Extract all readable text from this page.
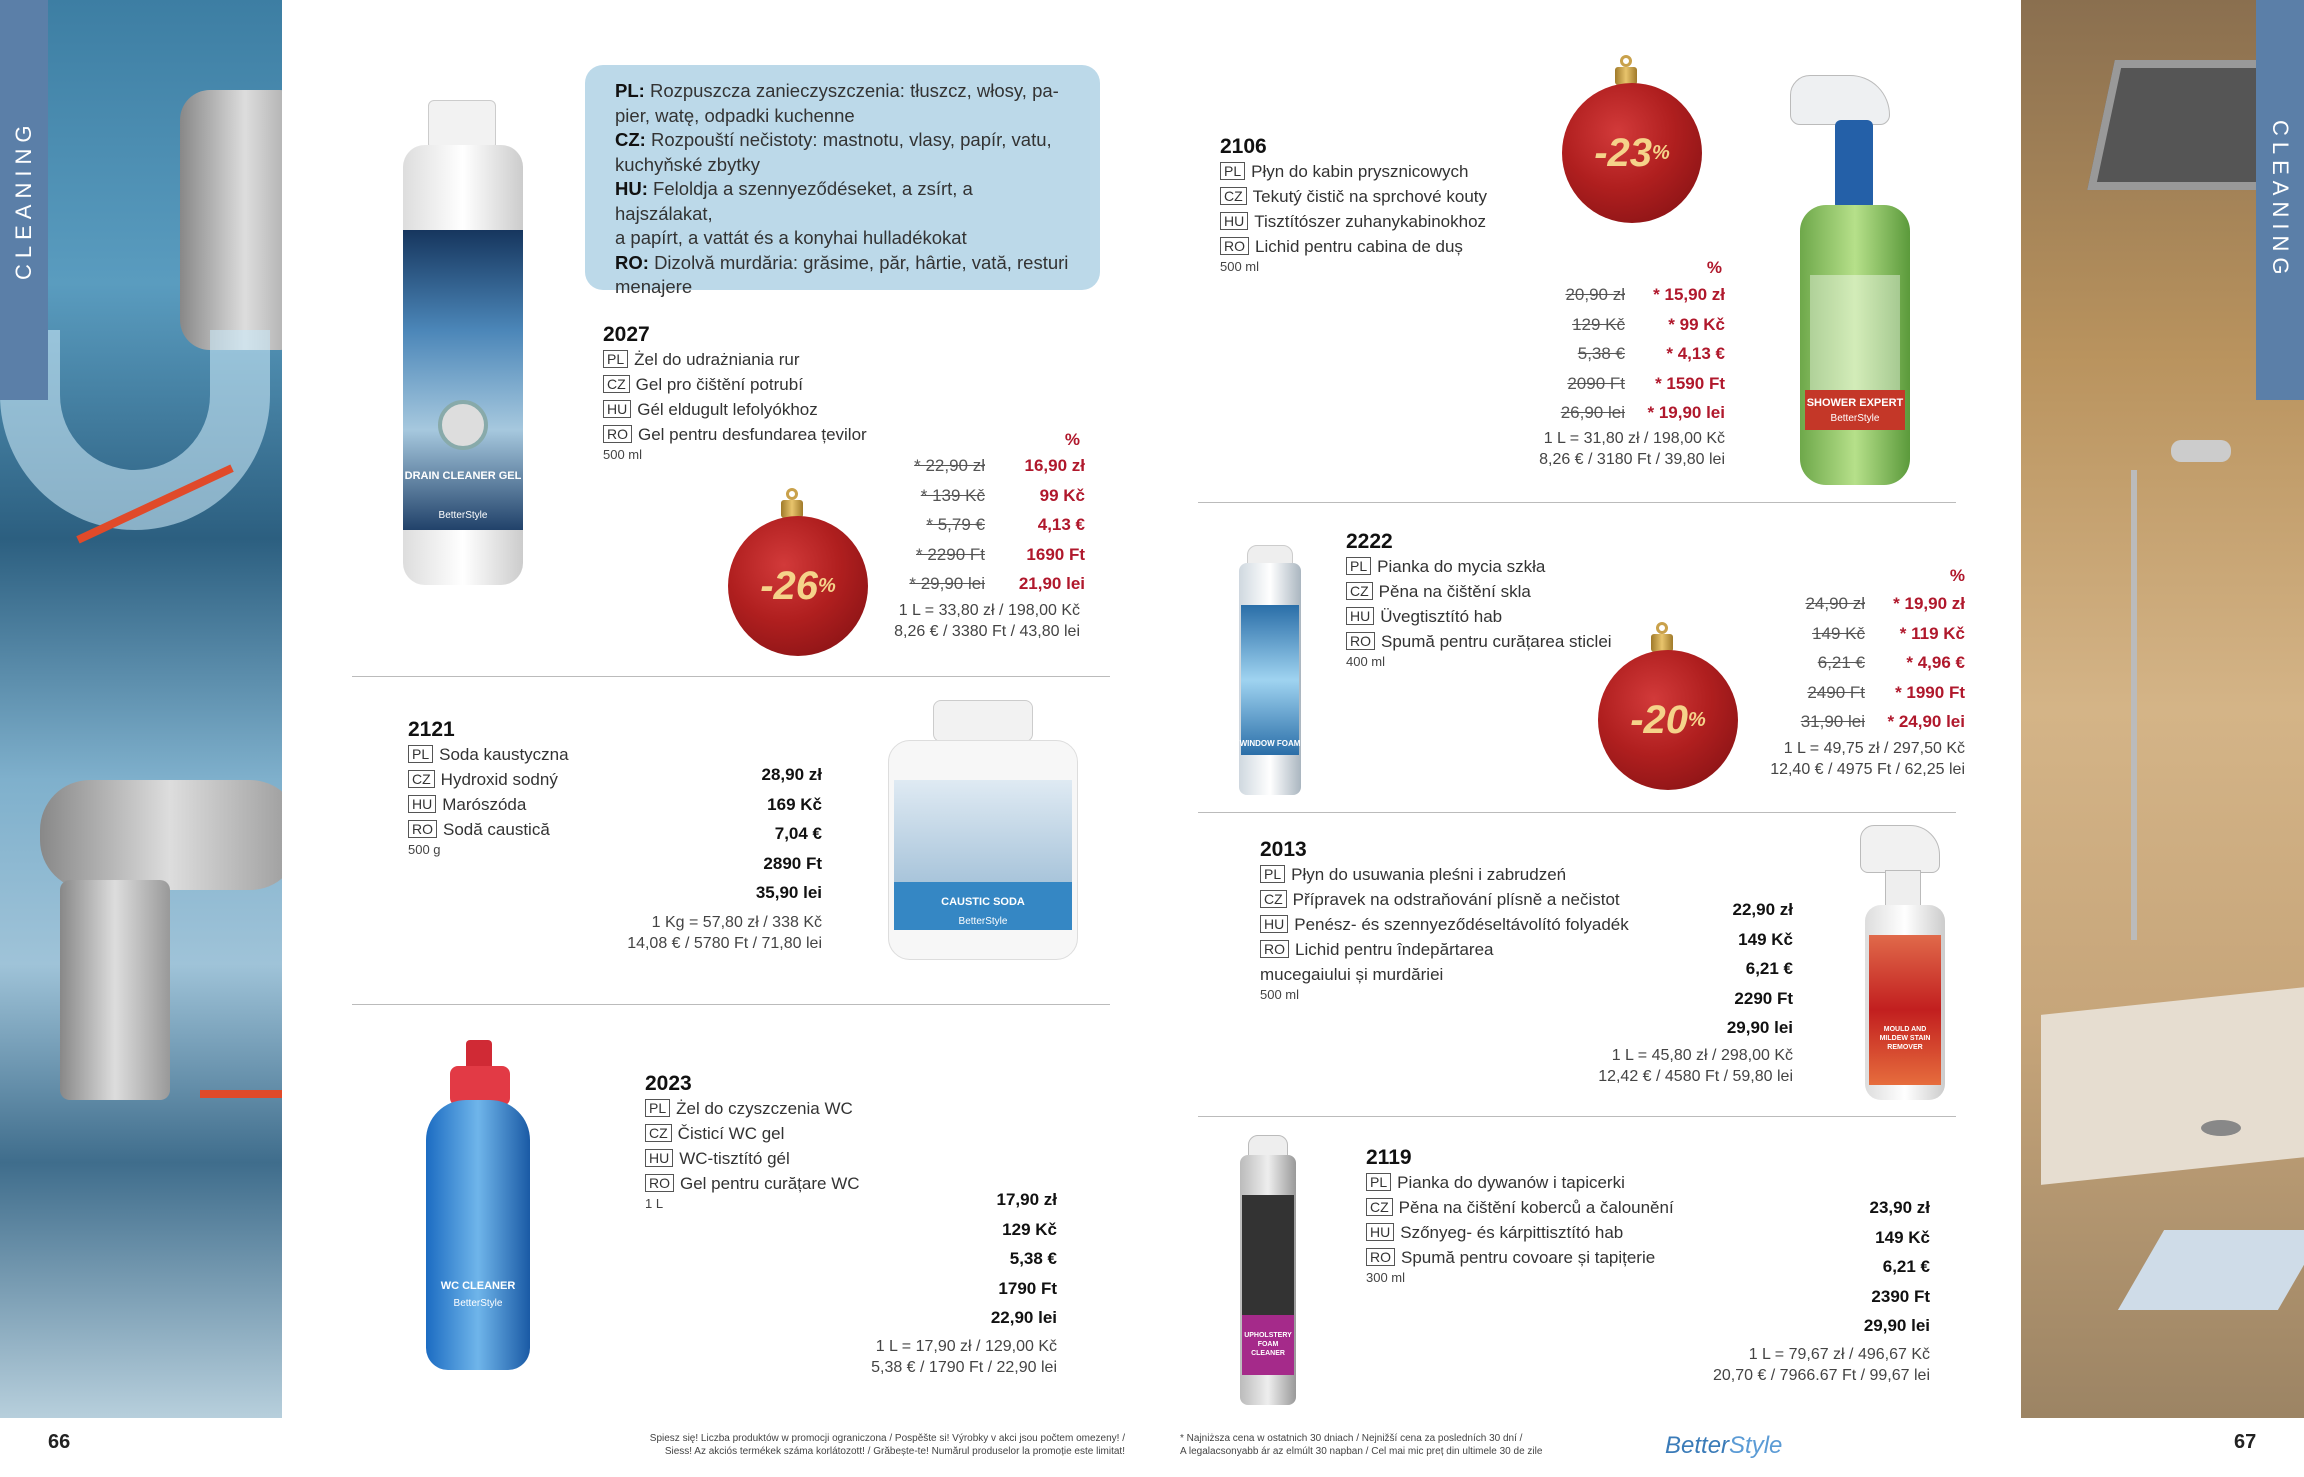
CLEANING	CLEANING
PL: Rozpuszcza zanieczyszczenia: tłuszcz, włosy, pa-
pier, watę, odpadki kuchenne
CZ: Rozpouští nečistoty: mastnotu, vlasy, papír, vatu,
kuchyňské zbytky
HU: Feloldja a szennyeződéseket, a zsírt, a hajszálakat,
a papírt, a vattát és a konyhai hulladékokat
RO: Dizolvă murdăria: grăsime, păr, hârtie, vată, resturi
menajere
DRAIN CLEANER GEL
BetterStyle
2027
PL Żel do udrażniania rur
CZ Gel pro čištění potrubí
HU Gél eldugult lefolyókhoz
RO Gel pentru desfundarea țevilor
500 ml
-26 %
%
* 22,90 zł 16,90 zł
* 139 Kč	99 Kč
* 5,79 €	4,13 €
* 2290 Ft 1690 Ft
* 29,90 lei 21,90 lei
1 L = 33,80 zł / 198,00 Kč
8,26 € / 3380 Ft / 43,80 lei
2121
PL Soda kaustyczna
CZ Hydroxid sodný
HU Marószóda
RO Sodă caustică
500 g
28,90 zł
169 Kč
7,04 €
2890 Ft
35,90 lei
1 Kg = 57,80 zł / 338 Kč
14,08 € / 5780 Ft / 71,80 lei
CAUSTIC SODA
BetterStyle
WC CLEANER
BetterStyle
2023
PL Żel do czyszczenia WC
CZ Čisticí WC gel
HU WC-tisztító gél
RO Gel pentru curățare WC
1 L	17,90 zł
129 Kč
5,38 €
1790 Ft
22,90 lei
1 L = 17,90 zł / 129,00 Kč
5,38 € / 1790 Ft / 22,90 lei
2106
PL Płyn do kabin prysznicowych
CZ Tekutý čistič na sprchové kouty
HU Tisztítószer zuhanykabinokhoz
RO Lichid pentru cabina de duș
500 ml
-23 %
%
20,90 zł * 15,90 zł
129 Kč	* 99 Kč
5,38 € * 4,13 €
2090 Ft * 1590 Ft
26,90 lei * 19,90 lei
1 L = 31,80 zł / 198,00 Kč
8,26 € / 3180 Ft / 39,80 lei
SHOWER EXPERT
BetterStyle
WINDOW FOAM
2222
PL Pianka do mycia szkła
CZ Pěna na čištění skla
HU Üvegtisztító hab
RO Spumă pentru curățarea sticlei
400 ml
-20 %
%
24,90 zł * 19,90 zł
149 Kč * 119 Kč
6,21 € * 4,96 €
2490 Ft * 1990 Ft
31,90 lei * 24,90 lei
1 L = 49,75 zł / 297,50 Kč
12,40 € / 4975 Ft / 62,25 lei
2013
PL Płyn do usuwania pleśni i zabrudzeń
CZ Přípravek na odstraňování plísně a nečistot
HU Penész- és szennyeződéseltávolító folyadék
RO Lichid pentru îndepărtarea
mucegaiului și murdăriei
500 ml
22,90 zł
149 Kč
6,21 €
2290 Ft
29,90 lei
1 L = 45,80 zł / 298,00 Kč
12,42 € / 4580 Ft / 59,80 lei
MOULD AND MILDEW STAIN REMOVER
UPHOLSTERY FOAM CLEANER
2119
PL Pianka do dywanów i tapicerki
CZ Pěna na čištění koberců a čalounění
HU Szőnyeg- és kárpittisztító hab
RO Spumă pentru covoare și tapițerie
300 ml
23,90 zł
149 Kč
6,21 €
2390 Ft
29,90 lei
1 L = 79,67 zł / 496,67 Kč
20,70 € / 7966.67 Ft / 99,67 lei
66	67
Spiesz się! Liczba produktów w promocji ograniczona / Pospěšte si! Výrobky v akci jsou počtem omezeny! /
Siess! Az akciós termékek száma korlátozott! / Grăbește-te! Numărul produselor la promoție este limitat!
* Najniższa cena w ostatnich 30 dniach / Nejnižší cena za posledních 30 dní /
A legalacsonyabb ár az elmúlt 30 napban / Cel mai mic preț din ultimele 30 de zile	BetterStyle
